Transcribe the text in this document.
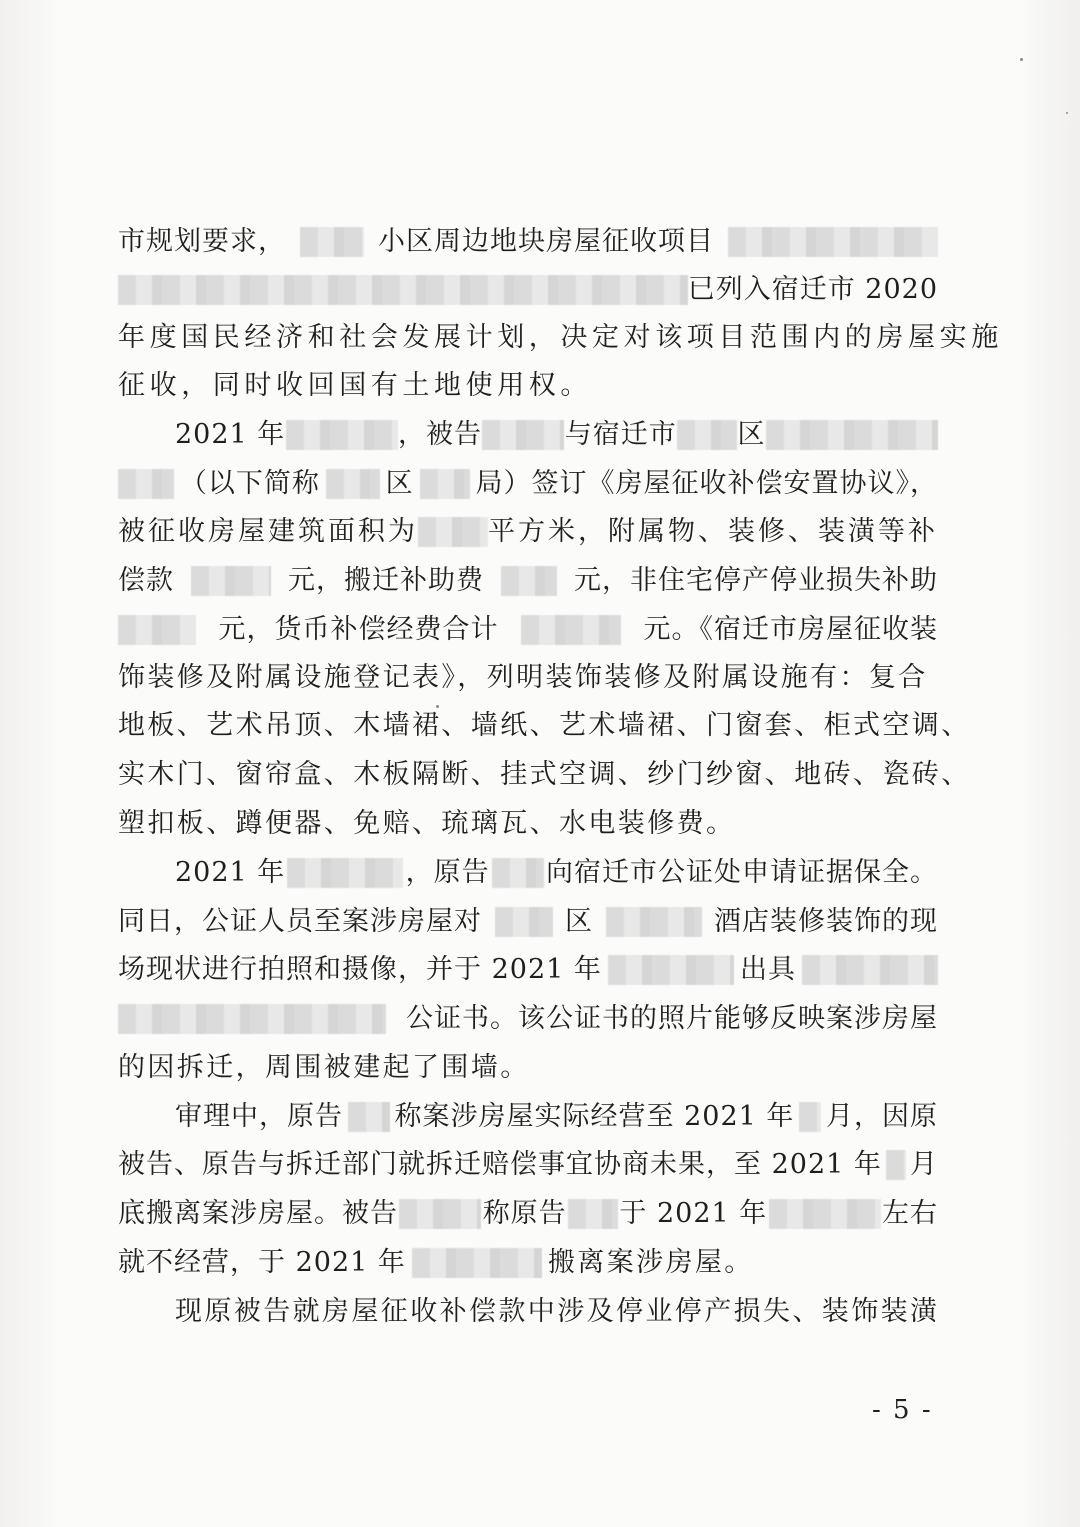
市规划要求，	小区周边地块房屋征收项目
已列入宿迁市 2020
年度国民经济和社会发展计划，决定对该项目范围内的房屋实施
征收，同时收回国有土地使用权。
2021 年	，被告	与宿迁市 区
（以下简称 区 局）签订《房屋征收补偿安置协议》，
被征收房屋建筑面积为	平方米，附属物、装修、装潢等补
偿款	元，搬迁补助费	元，非住宅停产停业损失补助
元，货币补偿经费合计	元。《宿迁市房屋征收装
饰装修及附属设施登记表》，列明装饰装修及附属设施有：复合
地板、艺术吊顶、木墙裙、墙纸、艺术墙裙、门窗套、柜式空调、
实木门、窗帘盒、木板隔断、挂式空调、纱门纱窗、地砖、瓷砖、
塑扣板、蹲便器、免赔、琉璃瓦、水电装修费。
2021 年	，原告 向宿迁市公证处申请证据保全。
同日，公证人员至案涉房屋对	区	酒店装修装饰的现
场现状进行拍照和摄像，并于 2021 年	出具
公证书。该公证书的照片能够反映案涉房屋
的因拆迁，周围被建起了围墙。
审理中，原告 称案涉房屋实际经营至 2021 年 月，因原
被告、原告与拆迁部门就拆迁赔偿事宜协商未果，至 2021 年 月
底搬离案涉房屋。被告	称原告 于 2021 年	左右
就不经营，于 2021 年	搬离案涉房屋。
现原被告就房屋征收补偿款中涉及停业停产损失、装饰装潢
- 5 -
